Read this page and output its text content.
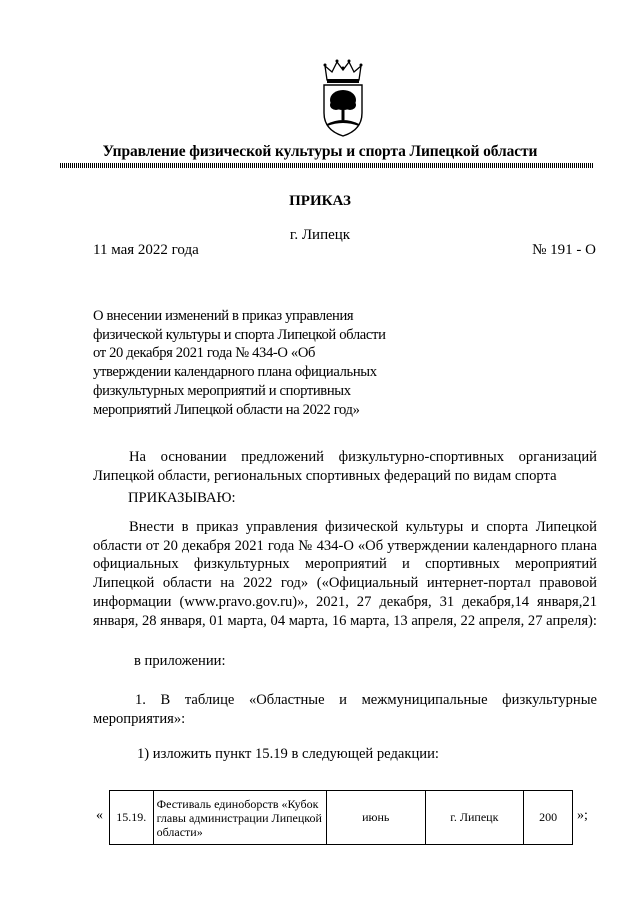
Управление физической культуры и спорта Липецкой области
ПРИКАЗ
г. Липецк
11 мая 2022 года	№ 191 - О
О внесении изменений в приказ управления физической культуры и спорта Липецкой области от 20 декабря 2021 года № 434-О «Об утверждении календарного плана официальных физкультурных мероприятий и спортивных мероприятий Липецкой области на 2022 год»
На основании предложений физкультурно-спортивных организаций Липецкой области, региональных спортивных федераций по видам спорта
ПРИКАЗЫВАЮ:
Внести в приказ управления физической культуры и спорта Липецкой области от 20 декабря 2021 года № 434-О «Об утверждении календарного плана официальных физкультурных мероприятий и спортивных мероприятий Липецкой области на 2022 год» («Официальный интернет-портал правовой информации (www.pravo.gov.ru)», 2021, 27 декабря, 31 декабря,14 января,21 января, 28 января, 01 марта, 04 марта, 16 марта, 13 апреля, 22 апреля, 27 апреля):
в приложении:
1. В таблице «Областные и межмуниципальные физкультурные мероприятия»:
1) изложить пункт 15.19 в следующей редакции:
« 15.19.	Фестиваль единоборств «Кубок главы администрации Липецкой области»	июнь	г. Липецк	200 »;
